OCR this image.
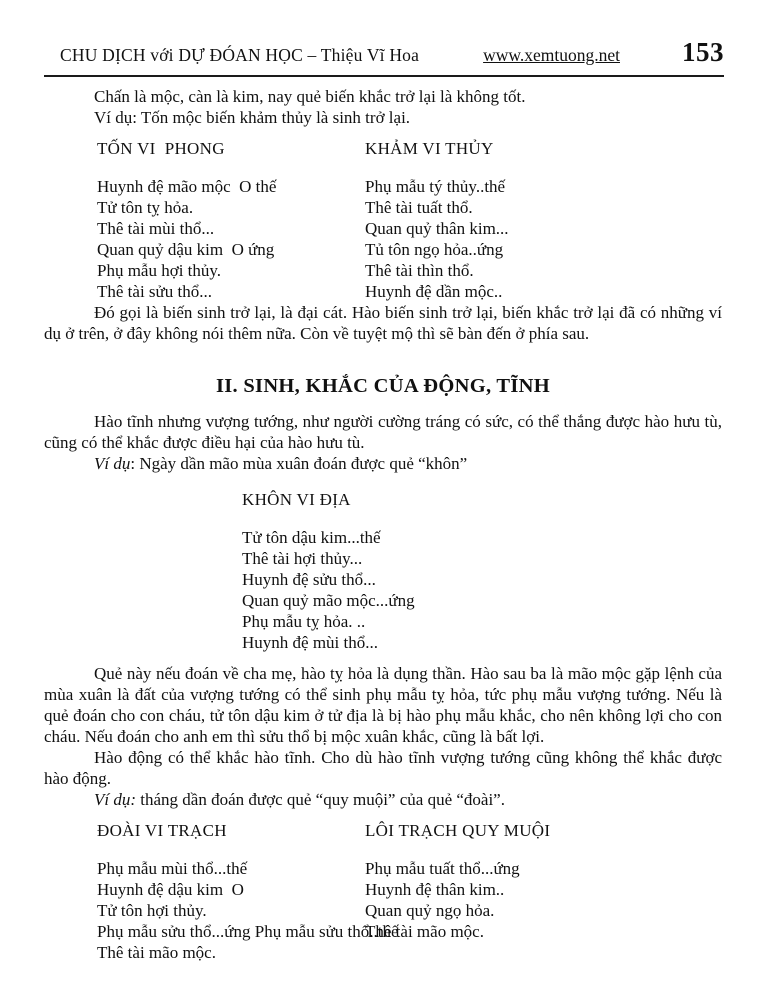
CHU DỊCH với DỰ ĐÓAN HỌC – Thiệu Vĩ Hoa	www.xemtuong.net 153
Chấn là mộc, càn là kim, nay quẻ biến khắc trở lại là không tốt.
Ví dụ: Tốn mộc biến khảm thủy là sinh trở lại.
TỐN VI  PHONG
Huynh đệ mão mộc  O thế
Tử tôn tỵ hỏa.
Thê tài mùi thổ...
Quan quỷ dậu kim  O ứng
Phụ mẫu hợi thủy.
Thê tài sửu thổ...
KHẢM VI THỦY
Phụ mẫu tý thủy..thế
Thê tài tuất thổ.
Quan quỷ thân kim...
Tủ tôn ngọ hỏa..ứng
Thê tài thìn thổ.
Huynh đệ dần mộc..

Đó gọi là biến sinh trở lại, là đại cát. Hào biến sinh trở lại, biến khắc trở lại đã có những ví dụ ở trên, ở đây không nói thêm nữa. Còn về tuyệt mộ thì sẽ bàn đến ở phía sau.

II. SINH, KHẮC CỦA ĐỘNG, TĨNH

Hào tĩnh nhưng vượng tướng, như người cường tráng có sức, có thể thắng được hào hưu tù, cũng có thể khắc được điều hại của hào hưu tù.

Ví dụ: Ngày dần mão mùa xuân đoán được quẻ “khôn”

KHÔN VI ĐỊA
Tử tôn dậu kim...thế
Thê tài hợi thủy...
Huynh đệ sửu thổ...
Quan quỷ mão mộc...ứng
Phụ mẫu tỵ hỏa. ..
Huynh đệ mùi thổ...

Quẻ này nếu đoán về cha mẹ, hào tỵ hỏa là dụng thần. Hào sau ba là mão mộc gặp lệnh của mùa xuân là đất của vượng tướng có thể sinh phụ mẫu tỵ hỏa, tức phụ mẫu vượng tướng. Nếu là quẻ đoán cho con cháu, tử tôn dậu kim ở tử địa là bị hào phụ mẫu khắc, cho nên không lợi cho con cháu. Nếu đoán cho anh em thì sửu thổ bị mộc xuân khắc, cũng là bất lợi.

Hào động có thể khắc hào tĩnh. Cho dù hào tĩnh vượng tướng cũng không thể khắc được hào động.

Ví dụ: tháng dần đoán được quẻ “quy muội” của quẻ “đoài”.

ĐOÀI VI TRẠCH
Phụ mẫu mùi thổ...thế
Huynh đệ dậu kim  O
Tử tôn hợi thủy.
Phụ mẫu sửu thổ...ứng Phụ mẫu sửu thổ..thế
Thê tài mão mộc.
LÔI TRẠCH QUY MUỘI
Phụ mẫu tuất thổ...ứng
Huynh đệ thân kim..
Quan quỷ ngọ hỏa.
Thê tài mão mộc.
